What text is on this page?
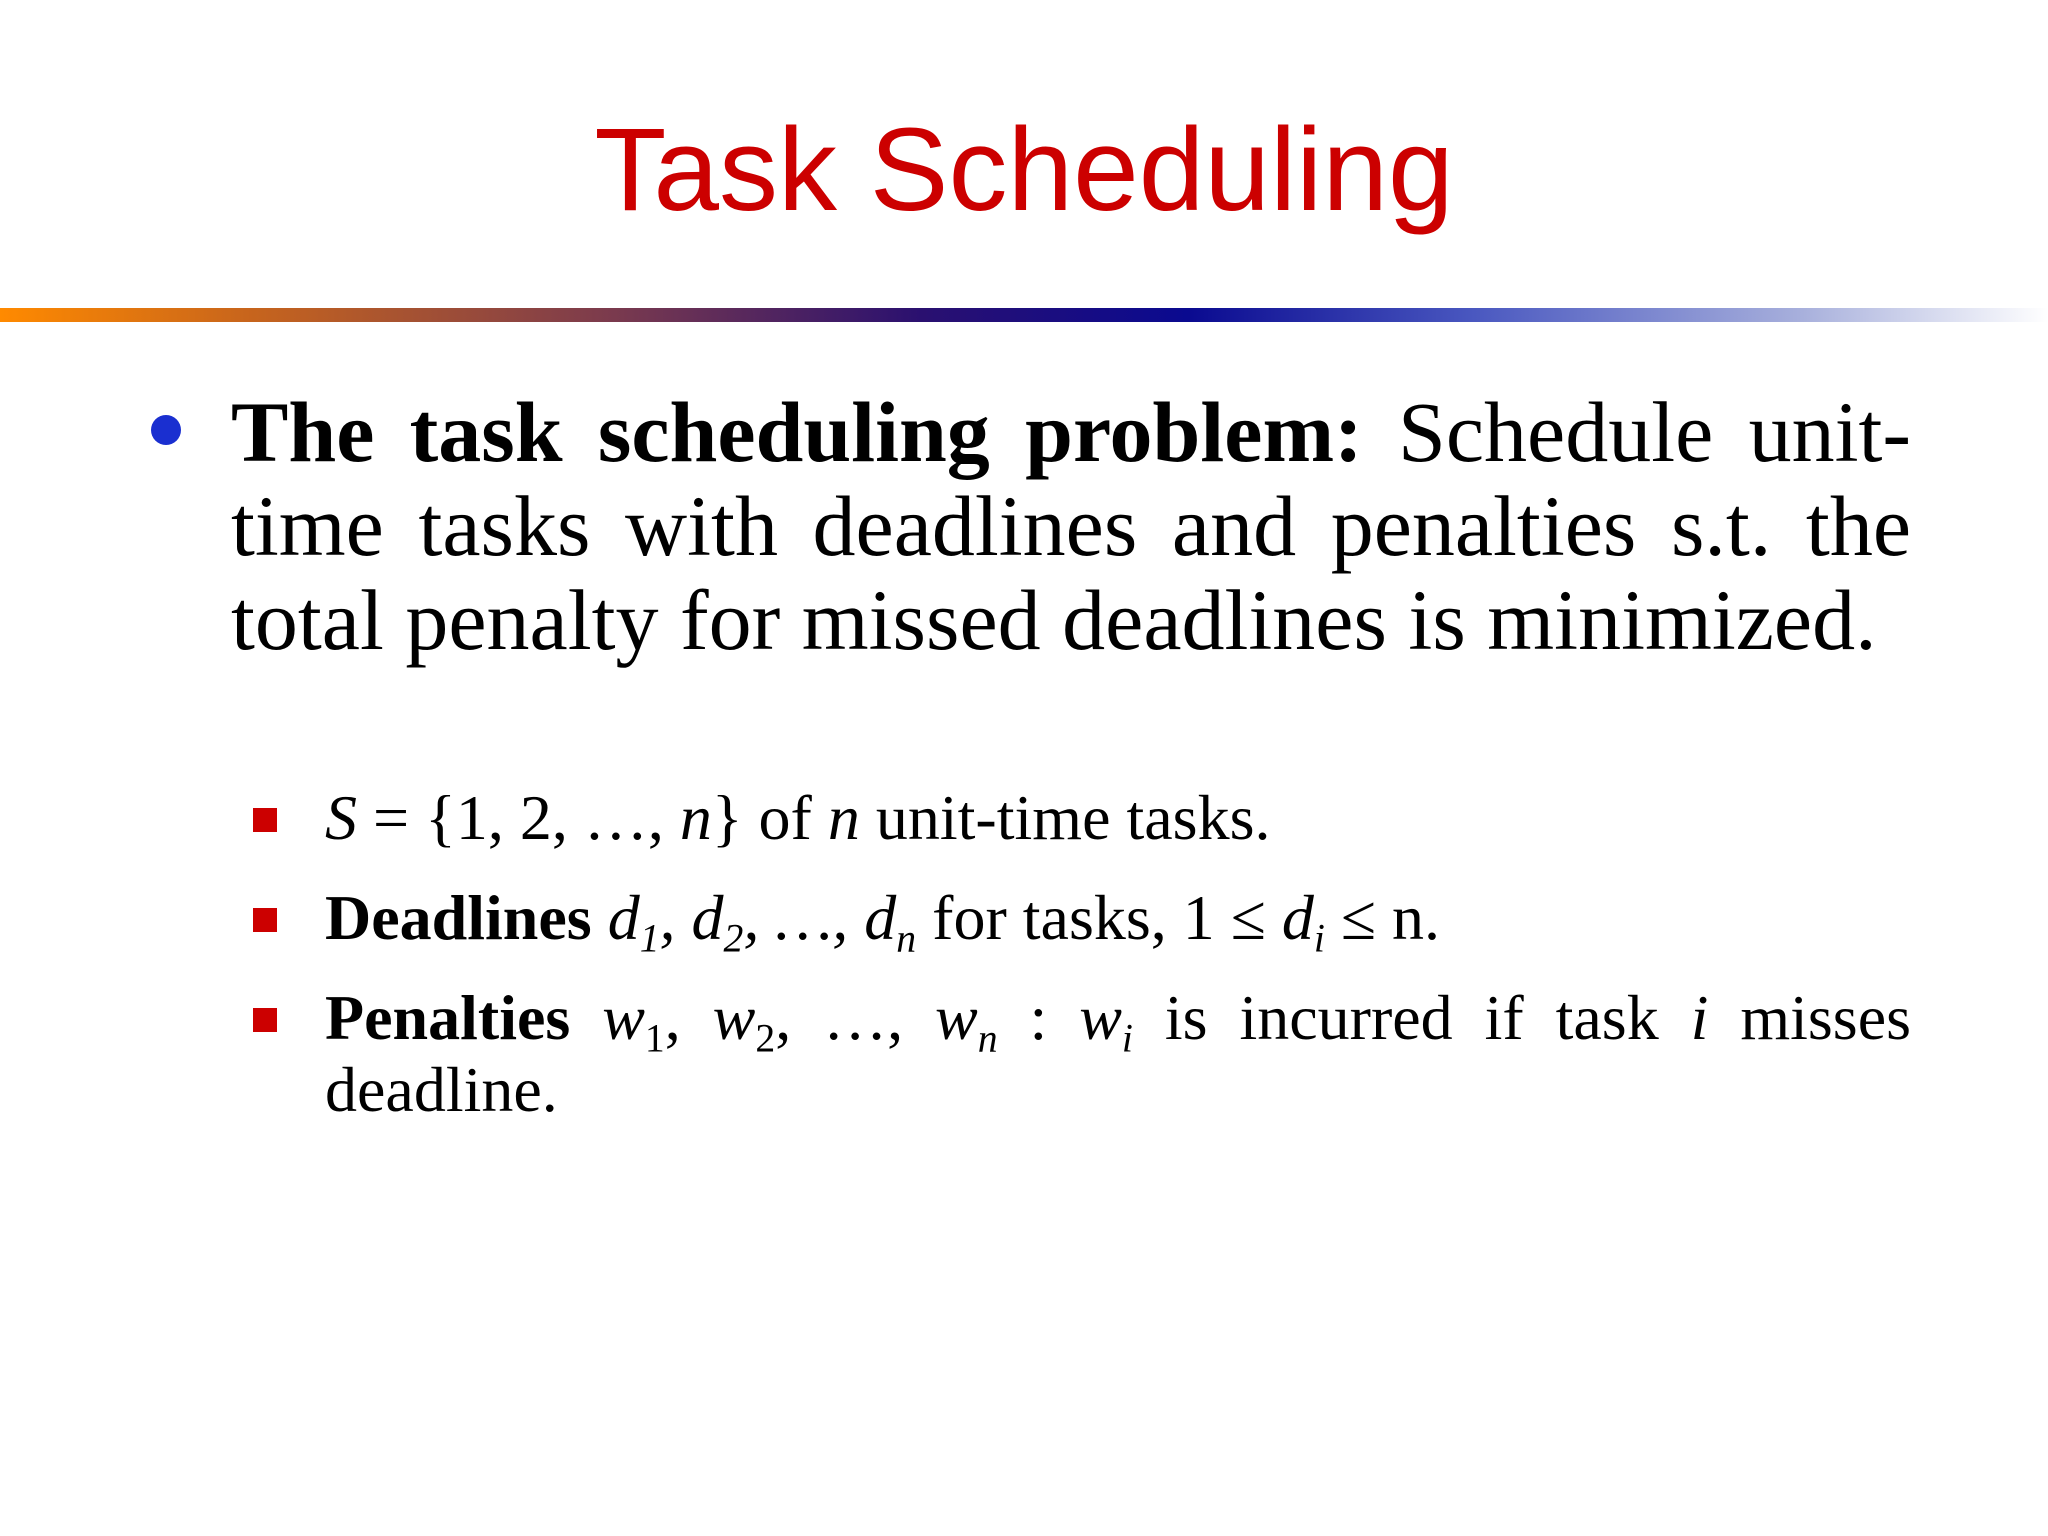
Task Scheduling
The task scheduling problem: Schedule unit-time tasks with deadlines and penalties s.t. the total penalty for missed deadlines is minimized.
S = {1, 2, …, n} of n unit-time tasks.
Deadlines $d_1$, $d_2$, …, $d_n$ for tasks, $1 \le d_i \le n$.
Penalties $w_1$, $w_2$, …, $w_n$ : $w_i$ is incurred if task i misses deadline.
